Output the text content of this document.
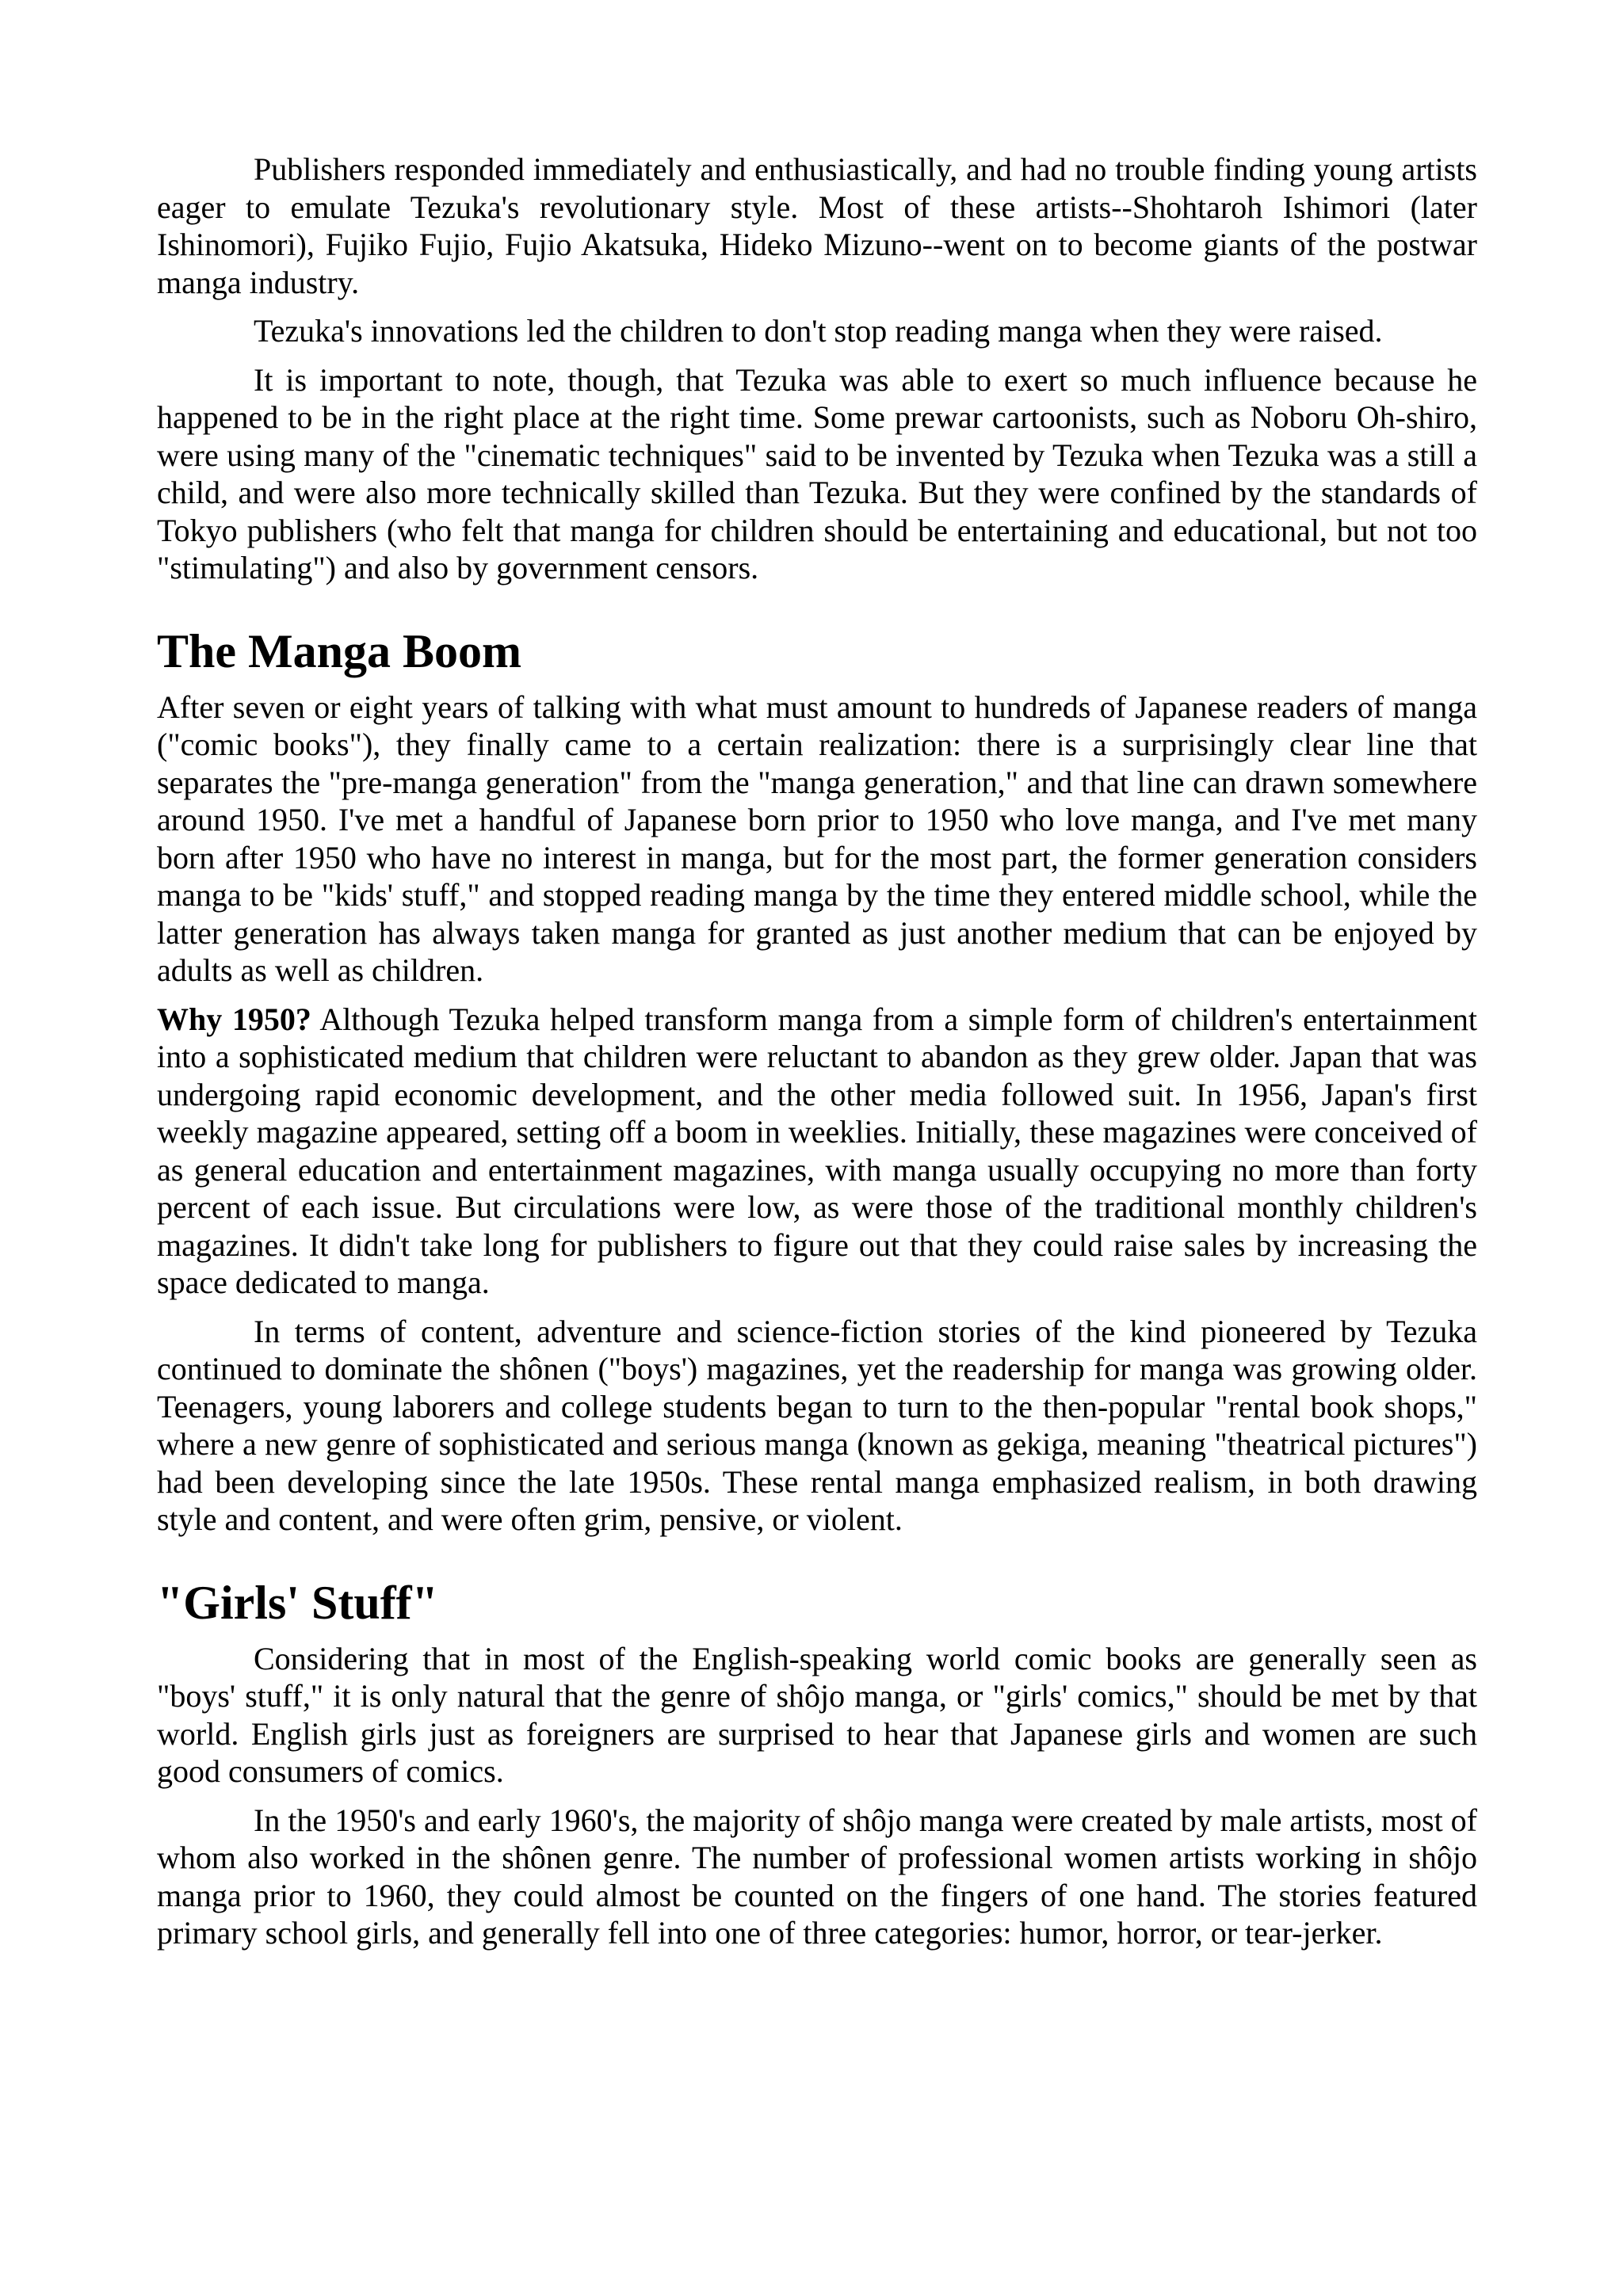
Publishers responded immediately and enthusiastically, and had no trouble finding young artists eager to emulate Tezuka's revolutionary style. Most of these artists--Shohtaroh Ishimori (later Ishinomori), Fujiko Fujio, Fujio Akatsuka, Hideko Mizuno--went on to become giants of the postwar manga industry.

Tezuka's innovations led the children to don't stop reading manga when they were raised.

It is important to note, though, that Tezuka was able to exert so much influence because he happened to be in the right place at the right time. Some prewar cartoonists, such as Noboru Oh-shiro, were using many of the "cinematic techniques" said to be invented by Tezuka when Tezuka was a still a child, and were also more technically skilled than Tezuka. But they were confined by the standards of Tokyo publishers (who felt that manga for children should be entertaining and educational, but not too "stimulating") and also by government censors.

The Manga Boom

After seven or eight years of talking with what must amount to hundreds of Japanese readers of manga ("comic books"), they finally came to a certain realization: there is a surprisingly clear line that separates the "pre-manga generation" from the "manga generation," and that line can drawn somewhere around 1950. I've met a handful of Japanese born prior to 1950 who love manga, and I've met many born after 1950 who have no interest in manga, but for the most part, the former generation considers manga to be "kids' stuff," and stopped reading manga by the time they entered middle school, while the latter generation has always taken manga for granted as just another medium that can be enjoyed by adults as well as children.

Why 1950? Although Tezuka helped transform manga from a simple form of children's entertainment into a sophisticated medium that children were reluctant to abandon as they grew older. Japan that was undergoing rapid economic development, and the other media followed suit. In 1956, Japan's first weekly magazine appeared, setting off a boom in weeklies. Initially, these magazines were conceived of as general education and entertainment magazines, with manga usually occupying no more than forty percent of each issue. But circulations were low, as were those of the traditional monthly children's magazines. It didn't take long for publishers to figure out that they could raise sales by increasing the space dedicated to manga.

In terms of content, adventure and science-fiction stories of the kind pioneered by Tezuka continued to dominate the shônen ("boys') magazines, yet the readership for manga was growing older. Teenagers, young laborers and college students began to turn to the then-popular "rental book shops," where a new genre of sophisticated and serious manga (known as gekiga, meaning "theatrical pictures") had been developing since the late 1950s. These rental manga emphasized realism, in both drawing style and content, and were often grim, pensive, or violent.

"Girls' Stuff"

Considering that in most of the English-speaking world comic books are generally seen as "boys' stuff," it is only natural that the genre of shôjo manga, or "girls' comics," should be met by that world. English girls just as foreigners are surprised to hear that Japanese girls and women are such good consumers of comics.

In the 1950's and early 1960's, the majority of shôjo manga were created by male artists, most of whom also worked in the shônen genre. The number of professional women artists working in shôjo manga prior to 1960, they could almost be counted on the fingers of one hand. The stories featured primary school girls, and generally fell into one of three categories: humor, horror, or tear-jerker.
